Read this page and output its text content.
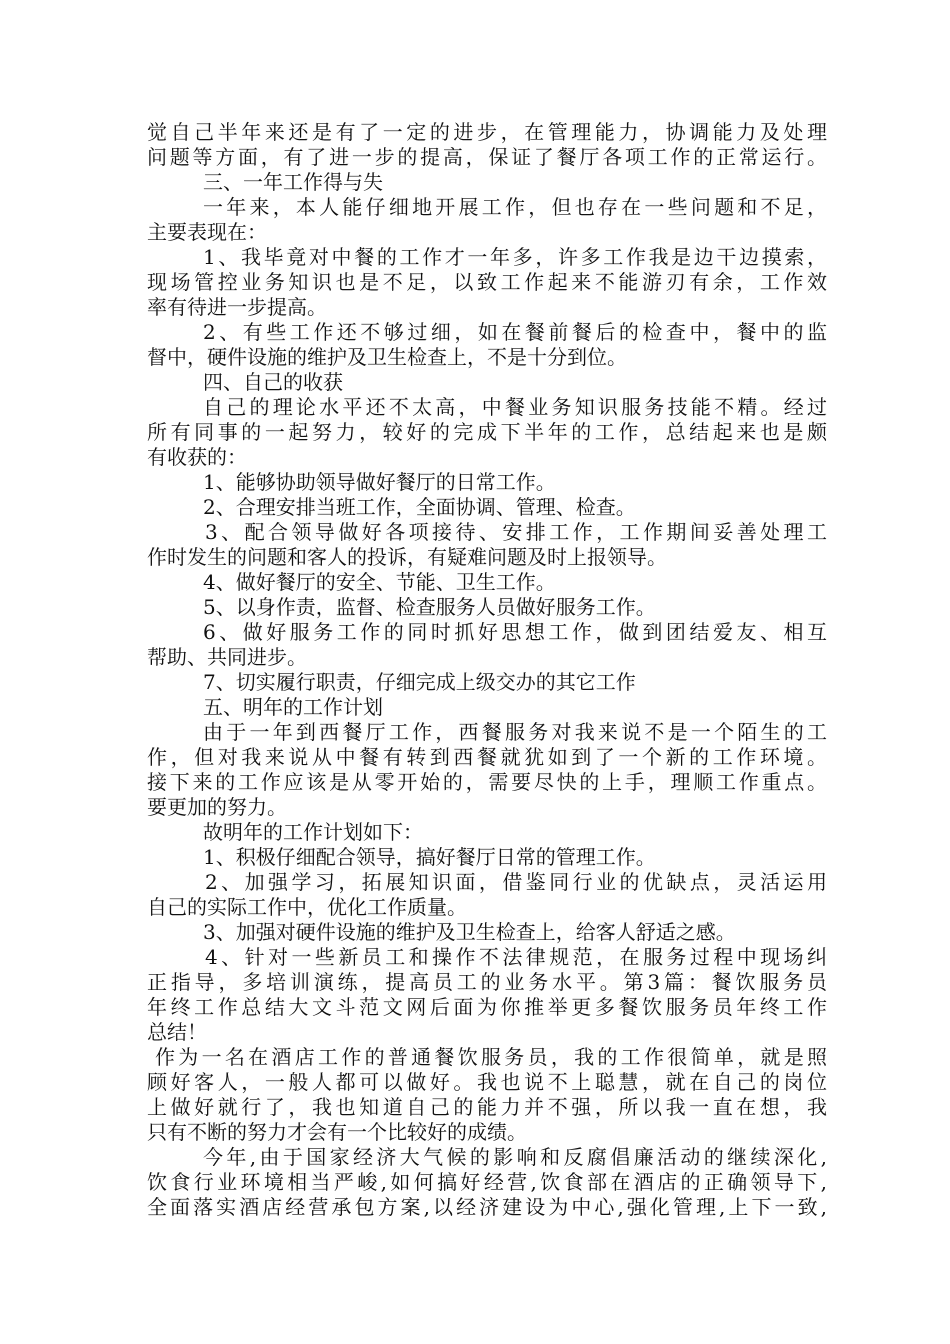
觉自己半年来还是有了一定的进步，在管理能力，协调能力及处理
问题等方面，有了进一步的提高，保证了餐厅各项工作的正常运行。
三、一年工作得与失
一年来，本人能仔细地开展工作，但也存在一些问题和不足，
主要表现在：
1、我毕竟对中餐的工作才一年多，许多工作我是边干边摸索，
现场管控业务知识也是不足，以致工作起来不能游刃有余，工作效
率有待进一步提高。
2、有些工作还不够过细，如在餐前餐后的检查中，餐中的监
督中，硬件设施的维护及卫生检查上，不是十分到位。
四、自己的收获
自己的理论水平还不太高，中餐业务知识服务技能不精。经过
所有同事的一起努力，较好的完成下半年的工作，总结起来也是颇
有收获的：
1、能够协助领导做好餐厅的日常工作。
2、合理安排当班工作，全面协调、管理、检查。
3、配合领导做好各项接待、安排工作，工作期间妥善处理工
作时发生的问题和客人的投诉，有疑难问题及时上报领导。
4、做好餐厅的安全、节能、卫生工作。
5、以身作责，监督、检查服务人员做好服务工作。
6、做好服务工作的同时抓好思想工作，做到团结爱友、相互
帮助、共同进步。
7、切实履行职责，仔细完成上级交办的其它工作
五、明年的工作计划
由于一年到西餐厅工作，西餐服务对我来说不是一个陌生的工
作，但对我来说从中餐有转到西餐就犹如到了一个新的工作环境。
接下来的工作应该是从零开始的，需要尽快的上手，理顺工作重点。
要更加的努力。
故明年的工作计划如下：
1、积极仔细配合领导，搞好餐厅日常的管理工作。
2、加强学习，拓展知识面，借鉴同行业的优缺点，灵活运用
自己的实际工作中，优化工作质量。
3、加强对硬件设施的维护及卫生检查上，给客人舒适之感。
4、针对一些新员工和操作不法律规范，在服务过程中现场纠
正指导，多培训演练，提高员工的业务水平。第3篇：餐饮服务员
年终工作总结大文斗范文网后面为你推举更多餐饮服务员年终工作
总结！
作为一名在酒店工作的普通餐饮服务员，我的工作很简单，就是照
顾好客人，一般人都可以做好。我也说不上聪慧，就在自己的岗位
上做好就行了，我也知道自己的能力并不强，所以我一直在想，我
只有不断的努力才会有一个比较好的成绩。
今年,由于国家经济大气候的影响和反腐倡廉活动的继续深化,
饮食行业环境相当严峻,如何搞好经营,饮食部在酒店的正确领导下,
全面落实酒店经营承包方案,以经济建设为中心,强化管理,上下一致,
